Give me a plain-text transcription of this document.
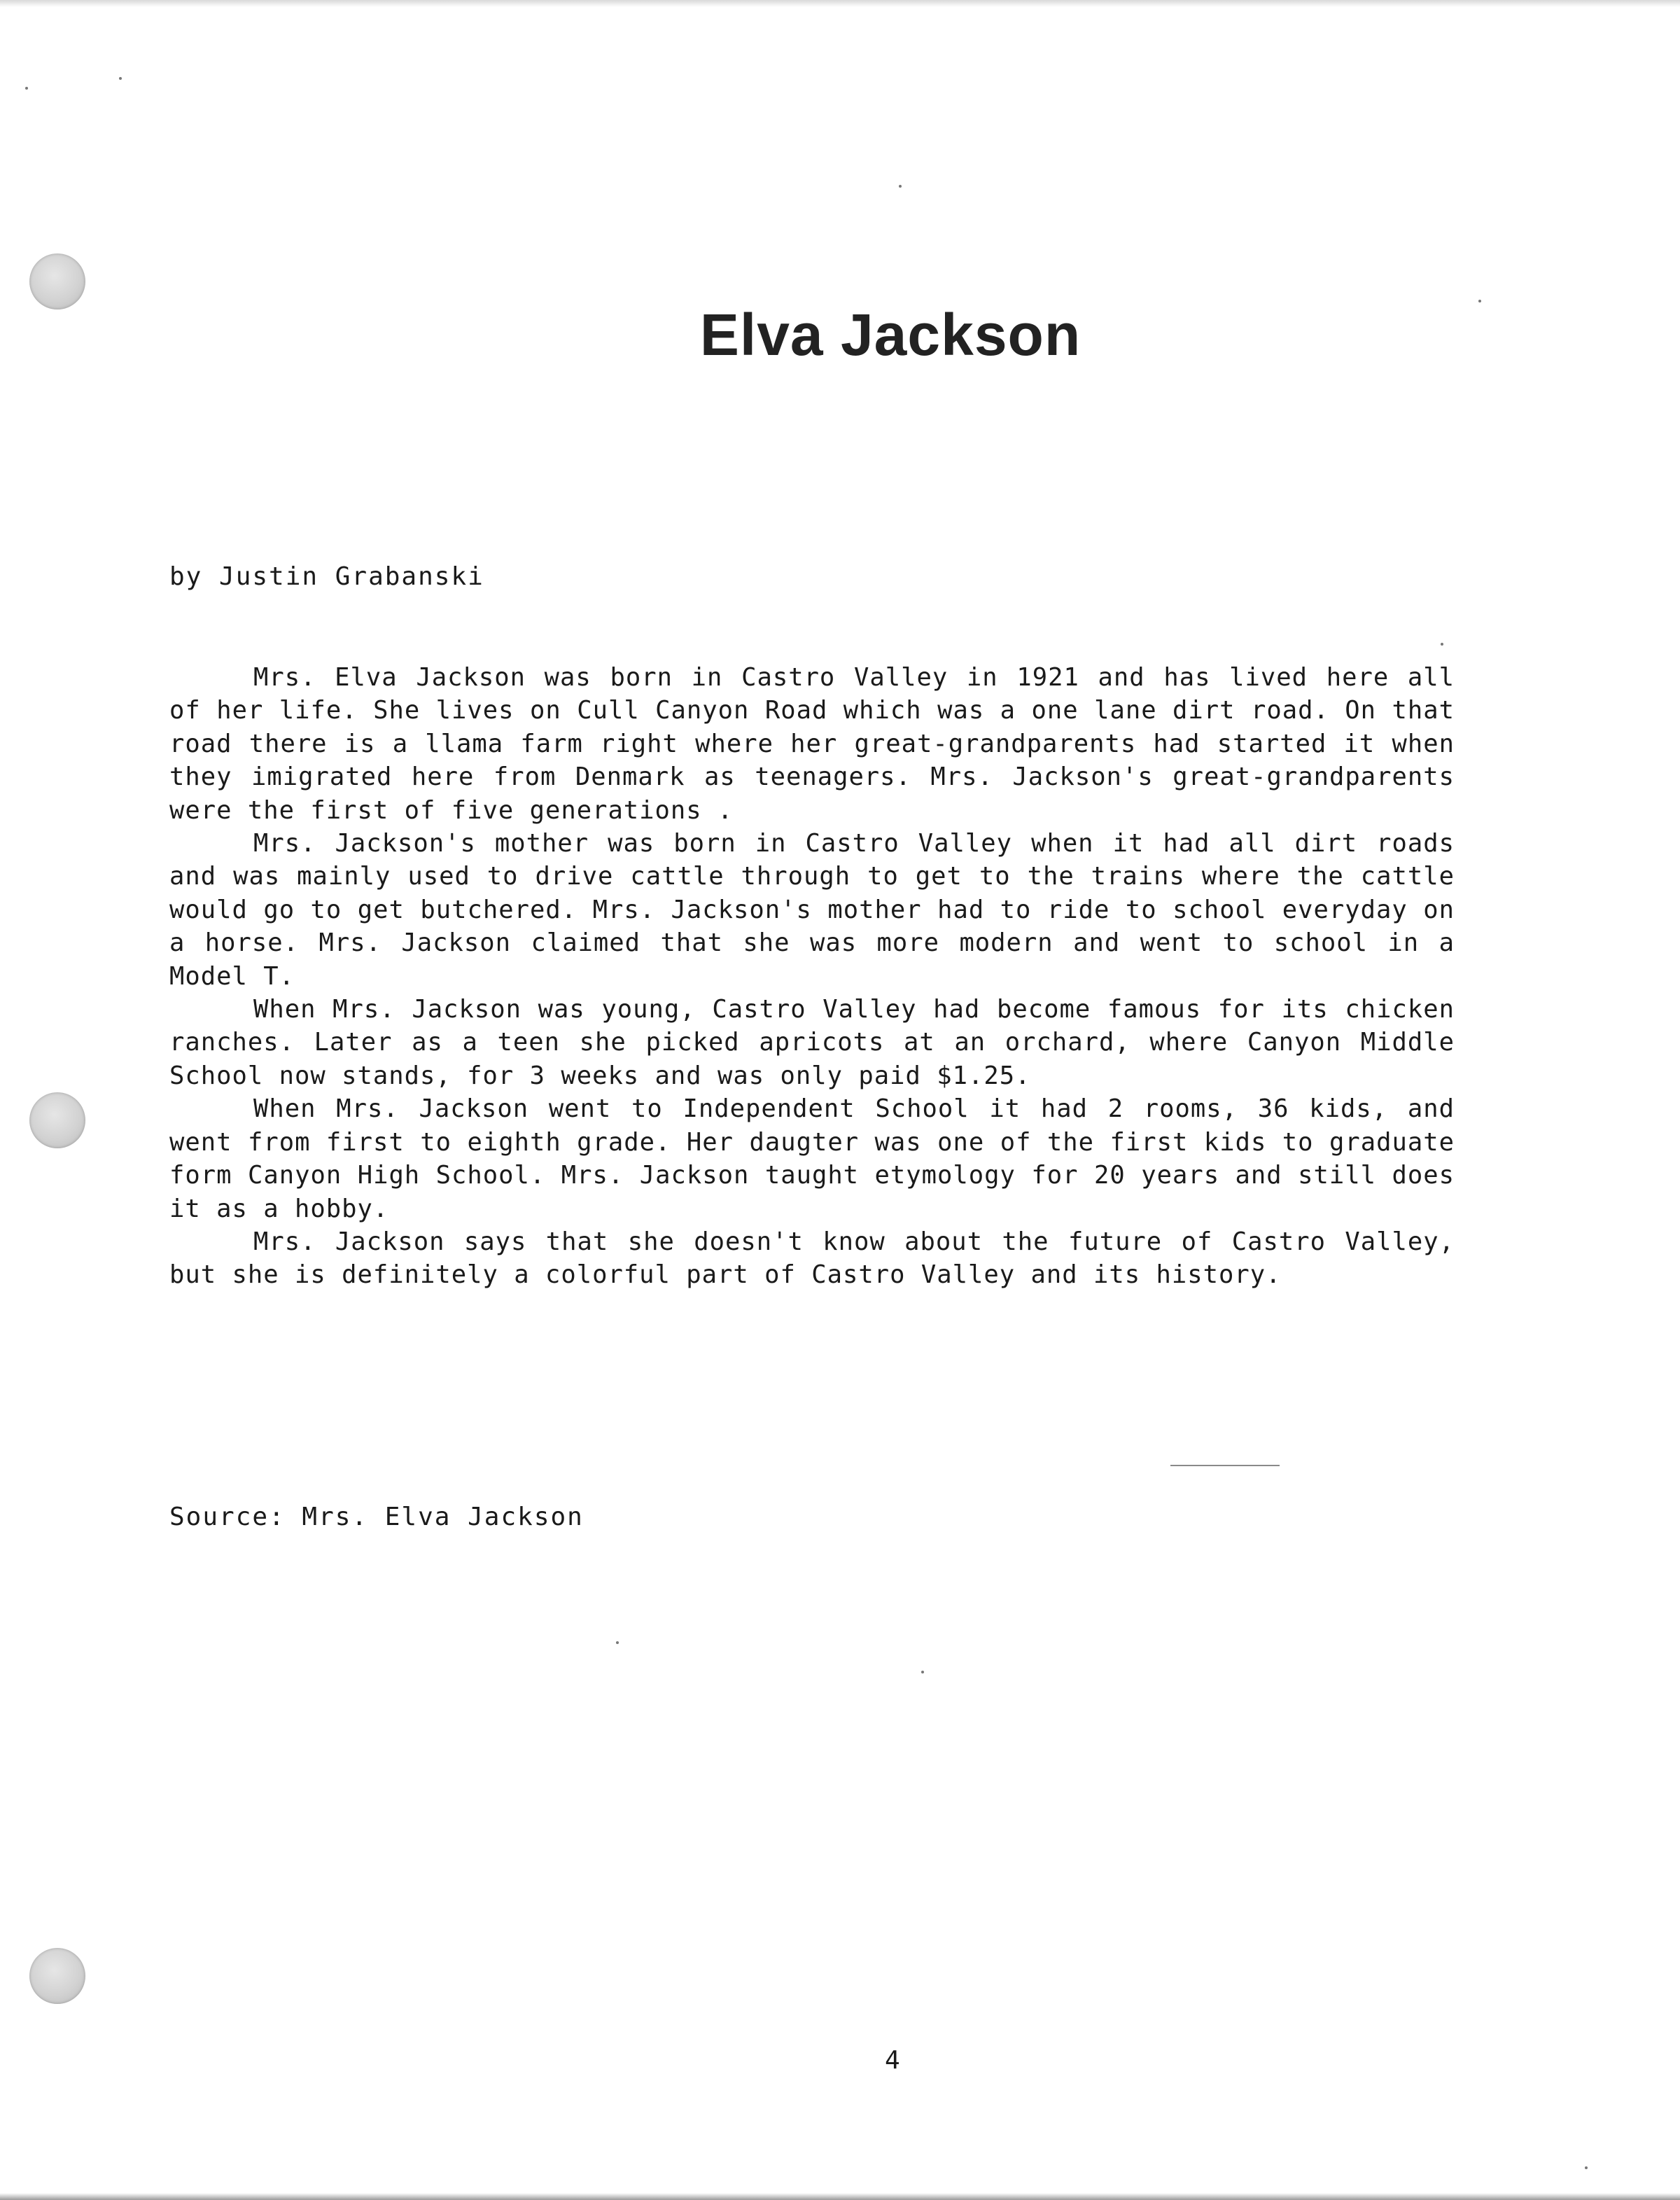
Elva Jackson

by Justin Grabanski

Mrs. Elva Jackson was born in Castro Valley in 1921 and has lived here all of her life. She lives on Cull Canyon Road which was a one lane dirt road. On that road there is a llama farm right where her great-grandparents had started it when they imigrated here from Denmark as teenagers. Mrs. Jackson's great-grandparents were the first of five generations .

Mrs. Jackson's mother was born in Castro Valley when it had all dirt roads and was mainly used to drive cattle through to get to the trains where the cattle would go to get butchered. Mrs. Jackson's mother had to ride to school everyday on a horse. Mrs. Jackson claimed that she was more modern and went to school in a Model T.

When Mrs. Jackson was young, Castro Valley had become famous for its chicken ranches. Later as a teen she picked apricots at an orchard, where Canyon Middle School now stands, for 3 weeks and was only paid $1.25.

When Mrs. Jackson went to Independent School it had 2 rooms, 36 kids, and went from first to eighth grade. Her daugter was one of the first kids to graduate form Canyon High School. Mrs. Jackson taught etymology for 20 years and still does it as a hobby.

Mrs. Jackson says that she doesn't know about the future of Castro Valley, but she is definitely a colorful part of Castro Valley and its history.

Source: Mrs. Elva Jackson

4
